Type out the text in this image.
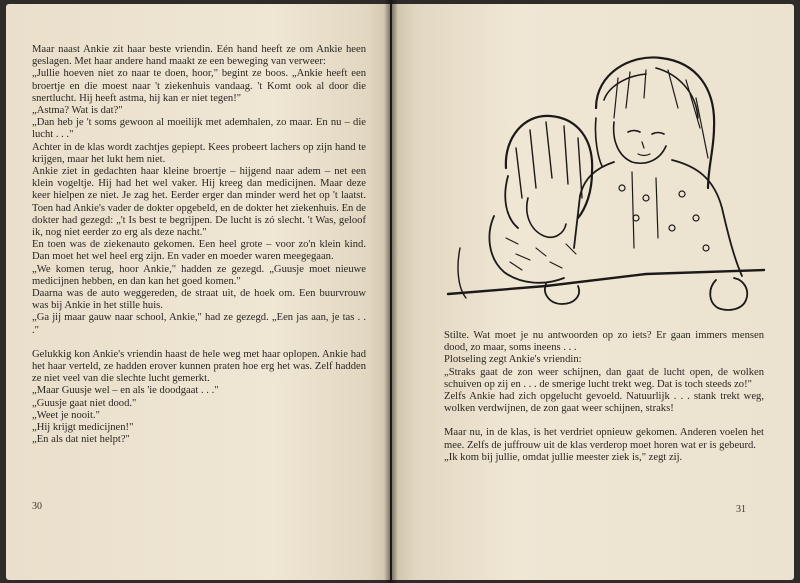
Maar naast Ankie zit haar beste vriendin. Eén hand heeft ze om Ankie heen geslagen. Met haar andere hand maakt ze een beweging van verweer:

„Jullie hoeven niet zo naar te doen, hoor," begint ze boos. „Ankie heeft een broertje en die moest naar 't ziekenhuis vandaag. 't Komt ook al door die snertlucht. Hij heeft astma, hij kan er niet tegen!"

„Astma? Wat is dat?"

„Dan heb je 't soms gewoon al moeilijk met ademhalen, zo maar. En nu – die lucht . . ."

Achter in de klas wordt zachtjes gepiept. Kees probeert lachers op zijn hand te krijgen, maar het lukt hem niet.

Ankie ziet in gedachten haar kleine broertje – hijgend naar adem – net een klein vogeltje. Hij had het wel vaker. Hij kreeg dan medicijnen. Maar deze keer hielpen ze niet. Je zag het. Eerder erger dan minder werd het op 't laatst. Toen had Ankie's vader de dokter opgebeld, en de dokter het ziekenhuis. En de dokter had gezegd: „'t Is best te begrijpen. De lucht is zó slecht. 't Was, geloof ik, nog niet eerder zo erg als deze nacht."

En toen was de ziekenauto gekomen. Een heel grote – voor zo'n klein kind. Dan moet het wel heel erg zijn. En vader en moeder waren meegegaan.

„We komen terug, hoor Ankie," hadden ze gezegd. „Guusje moet nieuwe medicijnen hebben, en dan kan het goed komen."

Daarna was de auto weggereden, de straat uit, de hoek om. Een buurvrouw was bij Ankie in het stille huis.

„Ga jij maar gauw naar school, Ankie," had ze gezegd. „Een jas aan, je tas . . ."

Gelukkig kon Ankie's vriendin haast de hele weg met haar oplopen. Ankie had het haar verteld, ze hadden erover kunnen praten hoe erg het was. Zelf hadden ze niet veel van die slechte lucht gemerkt.

„Maar Guusje wel – en als 'ie doodgaat . . ."

„Guusje gaat niet dood."

„Weet je nooit."

„Hij krijgt medicijnen!"

„En als dat niet helpt?"

30

Stilte. Wat moet je nu antwoorden op zo iets? Er gaan immers mensen dood, zo maar, soms ineens . . .

Plotseling zegt Ankie's vriendin:

„Straks gaat de zon weer schijnen, dan gaat de lucht open, de wolken schuiven op zij en . . . de smerige lucht trekt weg. Dat is toch steeds zo!"

Zelfs Ankie had zich opgelucht gevoeld. Natuurlijk . . . stank trekt weg, wolken verdwijnen, de zon gaat weer schijnen, straks!

Maar nu, in de klas, is het verdriet opnieuw gekomen. Anderen voelen het mee. Zelfs de juffrouw uit de klas verderop moet horen wat er is gebeurd.

„Ik kom bij jullie, omdat jullie meester ziek is," zegt zij.

31
